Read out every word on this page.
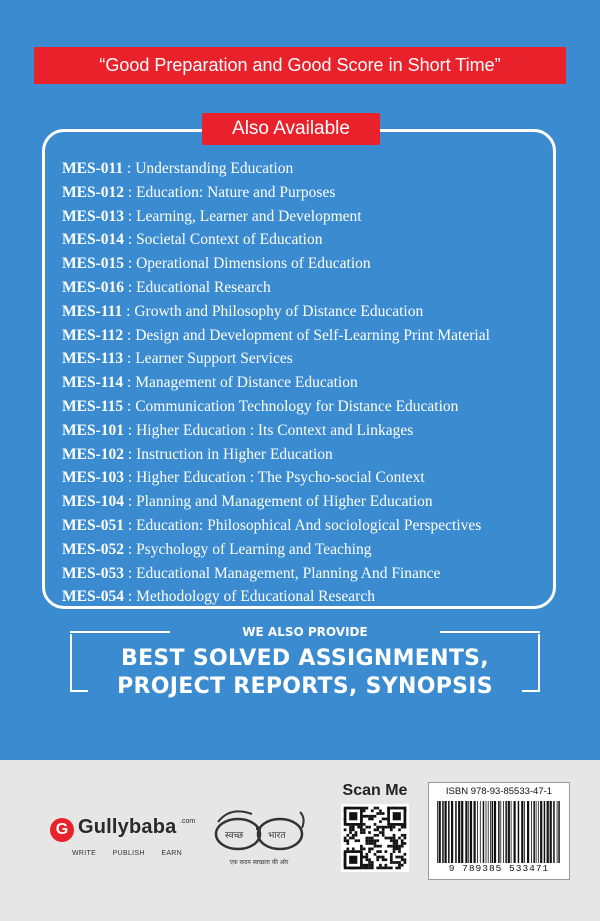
“Good Preparation and Good Score in Short Time”
Also Available
MES-011 : Understanding Education
MES-012 : Education: Nature and Purposes
MES-013 : Learning, Learner and Development
MES-014 : Societal Context of Education
MES-015 : Operational Dimensions of Education
MES-016 : Educational Research
MES-111 : Growth and Philosophy of Distance Education
MES-112 : Design and Development of Self-Learning Print Material
MES-113 : Learner Support Services
MES-114 : Management of Distance Education
MES-115 : Communication Technology for Distance Education
MES-101 : Higher Education : Its Context and Linkages
MES-102 : Instruction in Higher Education
MES-103 : Higher Education : The Psycho-social Context
MES-104 : Planning and Management of Higher Education
MES-051 : Education: Philosophical And sociological Perspectives
MES-052 : Psychology of Learning and Teaching
MES-053 : Educational Management, Planning And Finance
MES-054 : Methodology of Educational Research
WE ALSO PROVIDE
BEST SOLVED ASSIGNMENTS,
PROJECT REPORTS, SYNOPSIS
G Gullybaba .com
WRITE PUBLISH EARN
स्वच्छ	भारत
एक कदम स्वच्छता की ओर
Scan Me	ISBN 978-93-85533-47-1
9 789385 533471
